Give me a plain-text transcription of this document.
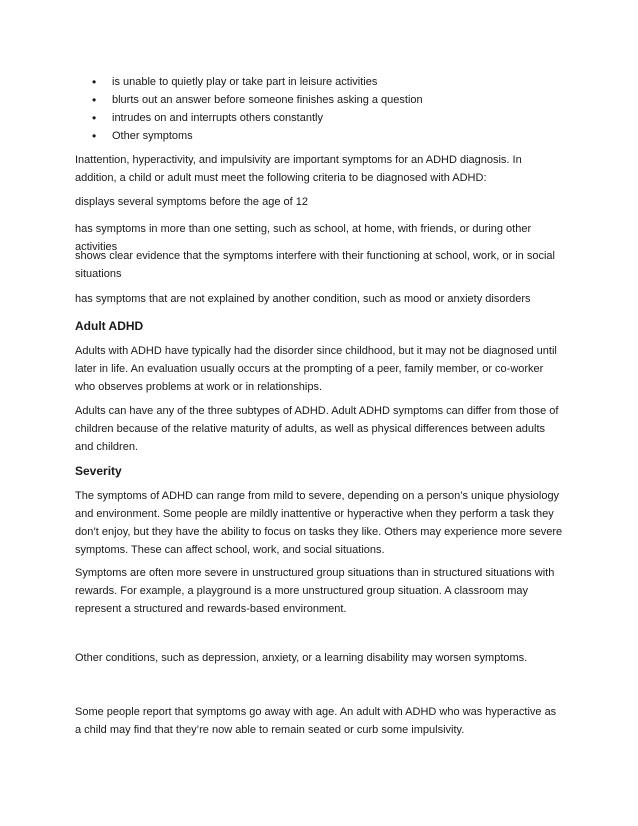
• is unable to quietly play or take part in leisure activities
• blurts out an answer before someone finishes asking a question
• intrudes on and interrupts others constantly
• Other symptoms

Inattention, hyperactivity, and impulsivity are important symptoms for an ADHD diagnosis. In addition, a child or adult must meet the following criteria to be diagnosed with ADHD:

displays several symptoms before the age of 12

has symptoms in more than one setting, such as school, at home, with friends, or during other activities

shows clear evidence that the symptoms interfere with their functioning at school, work, or in social situations

has symptoms that are not explained by another condition, such as mood or anxiety disorders

Adult ADHD

Adults with ADHD have typically had the disorder since childhood, but it may not be diagnosed until later in life. An evaluation usually occurs at the prompting of a peer, family member, or co-worker who observes problems at work or in relationships.

Adults can have any of the three subtypes of ADHD. Adult ADHD symptoms can differ from those of children because of the relative maturity of adults, as well as physical differences between adults and children.

Severity

The symptoms of ADHD can range from mild to severe, depending on a person’s unique physiology and environment. Some people are mildly inattentive or hyperactive when they perform a task they don’t enjoy, but they have the ability to focus on tasks they like. Others may experience more severe symptoms. These can affect school, work, and social situations.

Symptoms are often more severe in unstructured group situations than in structured situations with rewards. For example, a playground is a more unstructured group situation. A classroom may represent a structured and rewards-based environment.

Other conditions, such as depression, anxiety, or a learning disability may worsen symptoms.

Some people report that symptoms go away with age. An adult with ADHD who was hyperactive as a child may find that they’re now able to remain seated or curb some impulsivity.
